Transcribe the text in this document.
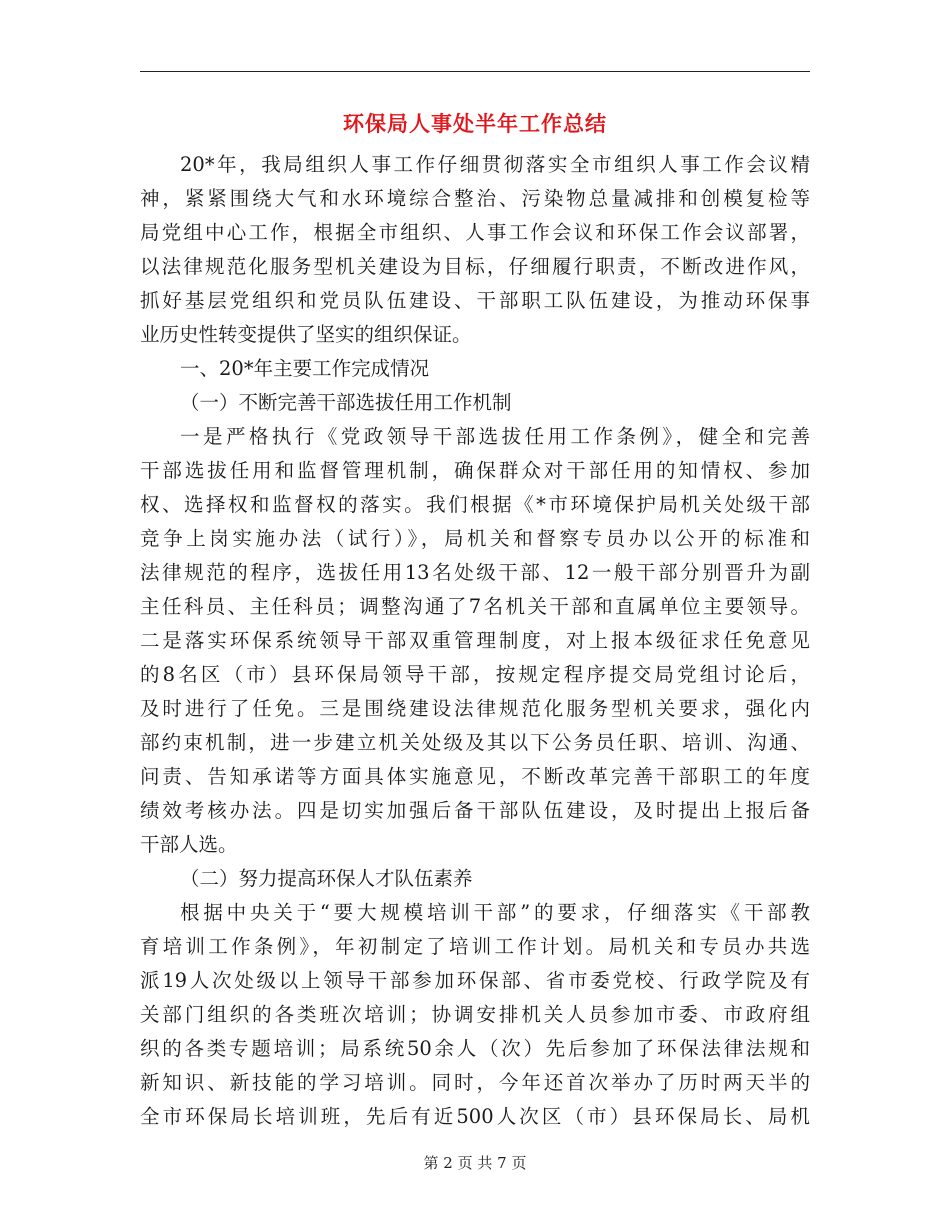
环保局人事处半年工作总结
20*年，我局组织人事工作仔细贯彻落实全市组织人事工作会议精
神，紧紧围绕大气和水环境综合整治、污染物总量减排和创模复检等
局党组中心工作，根据全市组织、人事工作会议和环保工作会议部署，
以法律规范化服务型机关建设为目标，仔细履行职责，不断改进作风，
抓好基层党组织和党员队伍建设、干部职工队伍建设，为推动环保事
业历史性转变提供了坚实的组织保证。
一、20*年主要工作完成情况
（一）不断完善干部选拔任用工作机制
一是严格执行《党政领导干部选拔任用工作条例》，健全和完善
干部选拔任用和监督管理机制，确保群众对干部任用的知情权、参加
权、选择权和监督权的落实。我们根据《*市环境保护局机关处级干部
竞争上岗实施办法（试行）》，局机关和督察专员办以公开的标准和
法律规范的程序，选拔任用13名处级干部、12一般干部分别晋升为副
主任科员、主任科员；调整沟通了7名机关干部和直属单位主要领导。
二是落实环保系统领导干部双重管理制度，对上报本级征求任免意见
的8名区（市）县环保局领导干部，按规定程序提交局党组讨论后，
及时进行了任免。三是围绕建设法律规范化服务型机关要求，强化内
部约束机制，进一步建立机关处级及其以下公务员任职、培训、沟通、
问责、告知承诺等方面具体实施意见，不断改革完善干部职工的年度
绩效考核办法。四是切实加强后备干部队伍建设，及时提出上报后备
干部人选。
（二）努力提高环保人才队伍素养
根据中央关于“要大规模培训干部”的要求，仔细落实《干部教
育培训工作条例》，年初制定了培训工作计划。局机关和专员办共选
派19人次处级以上领导干部参加环保部、省市委党校、行政学院及有
关部门组织的各类班次培训；协调安排机关人员参加市委、市政府组
织的各类专题培训；局系统50余人（次）先后参加了环保法律法规和
新知识、新技能的学习培训。同时，今年还首次举办了历时两天半的
全市环保局长培训班，先后有近500人次区（市）县环保局长、局机
第 2 页 共 7 页
